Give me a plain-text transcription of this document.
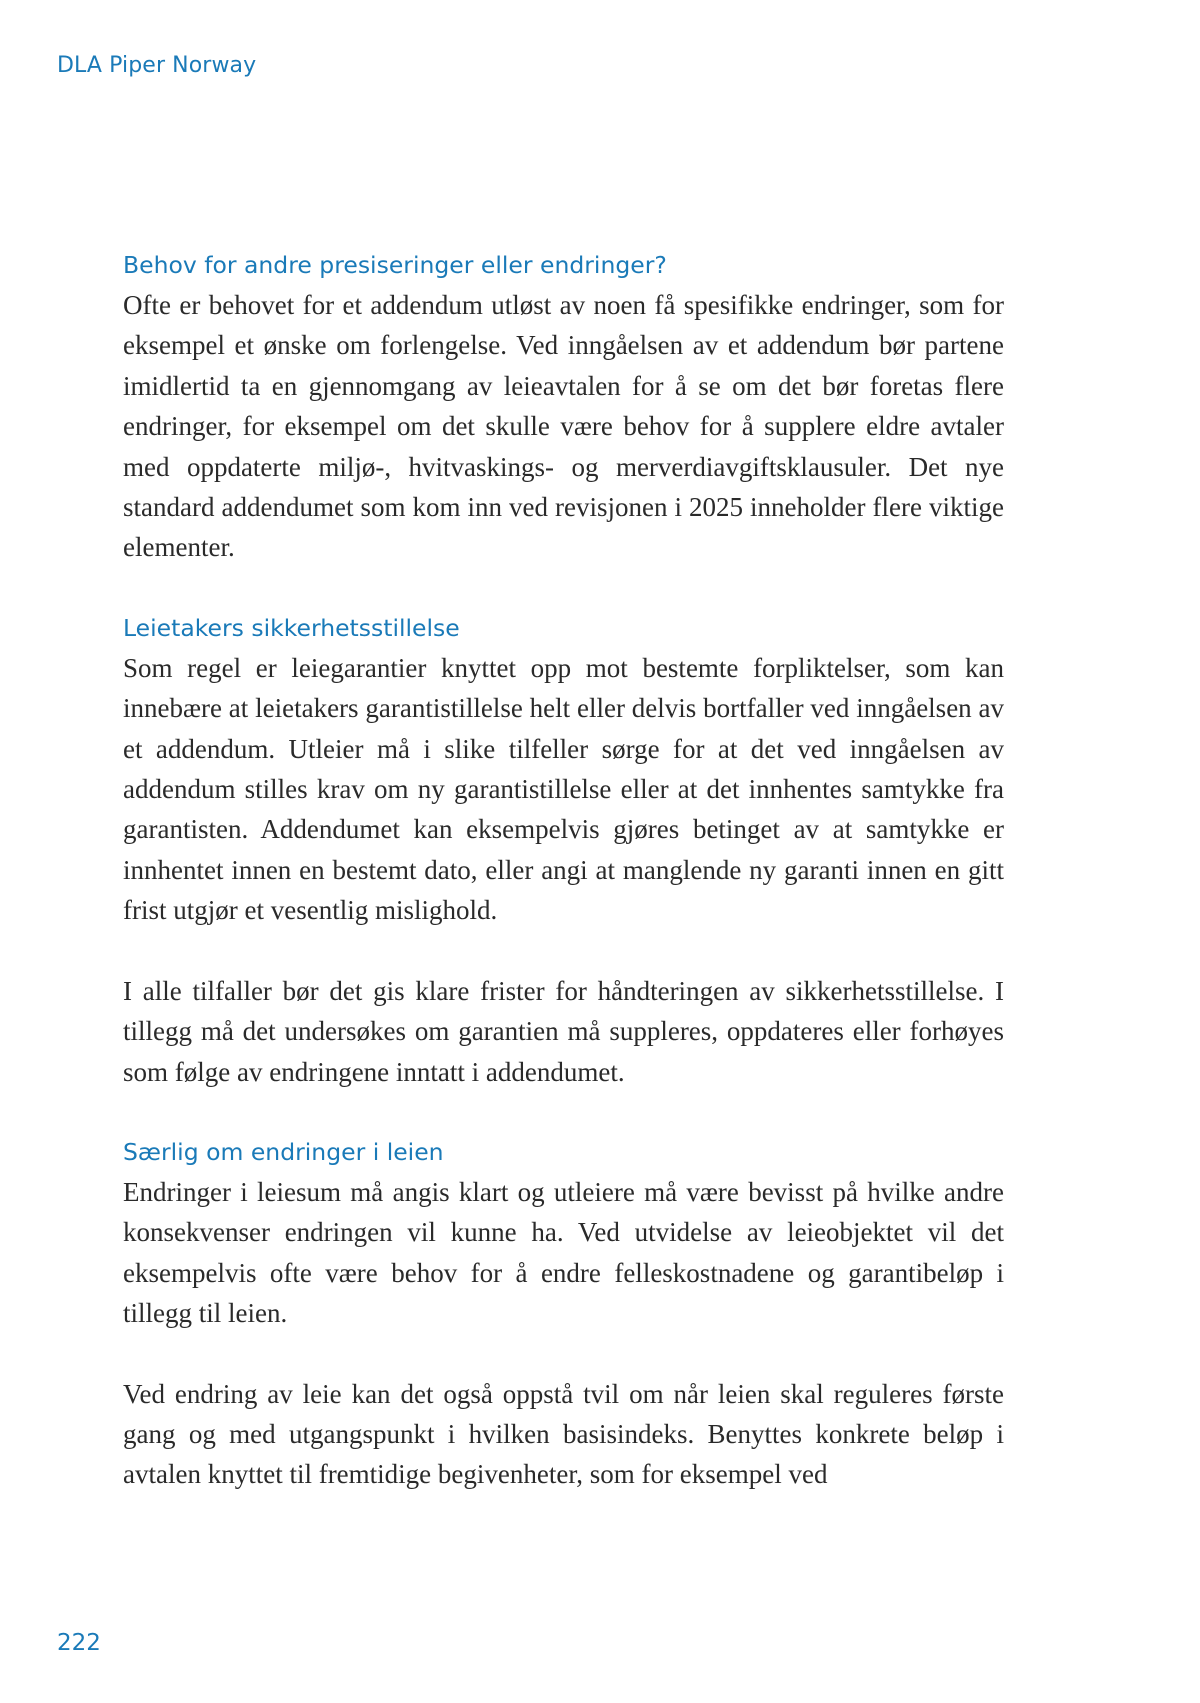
DLA Piper Norway
Behov for andre presiseringer eller endringer?

Ofte er behovet for et addendum utløst av noen få spesifikke endringer, som for eksempel et ønske om forlengelse. Ved inngåelsen av et addendum bør partene imidlertid ta en gjennomgang av leieavtalen for å se om det bør foretas flere endringer, for eksempel om det skulle være behov for å supplere eldre avtaler med oppdaterte miljø-, hvitvaskings- og merverdiavgiftsklausuler. Det nye standard addendumet som kom inn ved revisjonen i 2025 inneholder flere viktige elementer.

Leietakers sikkerhetsstillelse

Som regel er leiegarantier knyttet opp mot bestemte forpliktelser, som kan innebære at leietakers garantistillelse helt eller delvis bortfaller ved inngåelsen av et addendum. Utleier må i slike tilfeller sørge for at det ved inngåelsen av addendum stilles krav om ny garantistillelse eller at det innhentes samtykke fra garantisten. Addendumet kan eksempelvis gjøres betinget av at samtykke er innhentet innen en bestemt dato, eller angi at manglende ny garanti innen en gitt frist utgjør et vesentlig mislighold.

I alle tilfaller bør det gis klare frister for håndteringen av sikkerhetsstillelse. I tillegg må det undersøkes om garantien må suppleres, oppdateres eller forhøyes som følge av endringene inntatt i addendumet.

Særlig om endringer i leien

Endringer i leiesum må angis klart og utleiere må være bevisst på hvilke andre konsekvenser endringen vil kunne ha. Ved utvidelse av leieobjektet vil det eksempelvis ofte være behov for å endre felleskostnadene og garantibeløp i tillegg til leien.

Ved endring av leie kan det også oppstå tvil om når leien skal reguleres første gang og med utgangspunkt i hvilken basisindeks. Benyttes konkrete beløp i avtalen knyttet til fremtidige begivenheter, som for eksempel ved

222
